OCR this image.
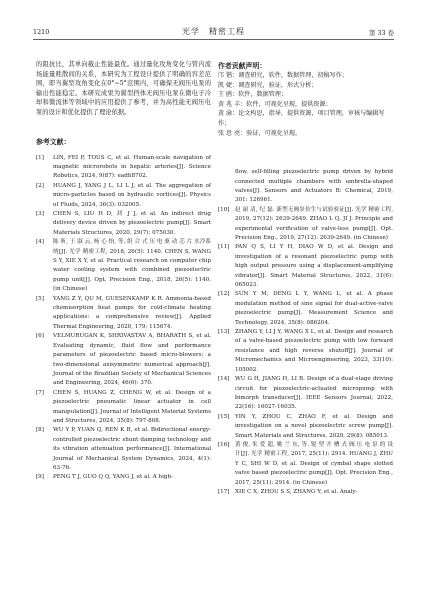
1210	光学　精密工程	第 33 卷

的阻抗比，其单向截止性能最优。通过量化攻角变化与管内流场能量耗散间的关系，本研究为工程设计提供了明确的容差范围，即当翼型攻角变化在0°~5°范围内，可确保无阀压电泵的输出性能稳定。本研究成果为翼型挡体无阀压电泵在微电子冷却和微流体等领域中的应用提供了参考，并为高性能无阀压电泵的设计和优化提供了理论依据。

参考文献：

[1]	LIN, FEI P, TOUS C, et al. Human-scale navigation of magnetic microrobots in hepatic arteries[J]. Science Robotics, 2024, 9(87): eadh8702.
[2]	HUANG J, YANG J L, LI L J, et al. The aggregation of micro-particles based on hydraulic vortices[J]. Physics of Fluids, 2024, 36(3): 032005.
[3]	CHEN S, LIU H D, 刘 J J, et al. An indirect drug delivery device driven by piezoelectric pump[J]. Smart Materials Structures, 2020, 29(7): 075030.
[4]	陈 昕, 王 淑 云, 杨 心 怡, 等. 组 合 式 压 电 驱 动 芯 片 水冷系统[J]. 光学 精密工程, 2018, 26(5): 1140. CHEN S, WANG S Y, XIE X Y, et al. Practical research on computer chip water cooling system with combined piezoelectric pump unit[J]. Opt. Precision Eng., 2018, 26(5): 1140. (in Chinese)
[5]	YANG Z Y, QU M, GUESENKAMP K R. Ammonia-based chemisorption heat pumps for cold-climate heating applications: a comprehensive review[J]. Applied Thermal Engineering, 2020, 179: 115674.
[6]	VELMURUGAN K, SHRIVASTAV A, BHARATH S, et al. Evaluating dynamic, fluid flow and performance parameters of piezoelectric based micro-blowers: a two-dimensional axisymmetric numerical approach[J]. Journal of the Brazilian Society of Mechanical Sciences and Engineering, 2024, 46(6): 370.
[7]	CHEN S, HUANG Z, CHENG W, et al. Design of a piezoelectric pneumatic linear actuator in cell manipulation[J]. Journal of Intelligent Material Systems and Structures, 2024, 35(8): 797-808.
[8]	WU Y P, YUAN Q, REN K B, et al. Bidirectional energy-controlled piezoelectric shunt damping technology and its vibration attenuation performance[J]. International Journal of Mechanical System Dynamics, 2024, 4(1): 63-76.
[9]	PENG T J, GUO Q Q, YANG J, et al. A high-

作者贡献声明：

邝 锴：调查研究，软件，数据管理，初稿写作；

凯 婕：调查研究，验证，形式分析；

王 鸥：软件，数据管理；

黄 兆 丰：软件，可视化呈现，提供资源；

黄 渝：论文构思，指导，提供资源，项目管理，审核与编辑写作；

张 思 亮：验证，可视化呈现。

flow, self-filling piezoelectric pump driven by hybrid connected multiple chambers with umbrella-shaped valves[J]. Sensors and Actuators B: Chemical, 2019, 301: 126961.

[10] 赵 丽 清, 纪 磊. 新型无阀泵仿生与试验验证[J]. 光学 精密工程, 2019, 27(12): 2639-2649. ZHAO L Q, JI J. Principle and experimental verification of valve-less pump[J]. Opt. Precision Eng., 2019, 27(12): 2639-2649. (in Chinese)
[11] PAN Q S, LI Y H, DIAO W D, et al. Design and investigation of a resonant piezoelectric pump with high output pressure using a displacement-amplifying vibrator[J]. Smart Material Structures, 2022, 31(6): 065023.
[12] SUN Y M, DENG L Y, WANG L, et al. A phase modulation method of sine signal for dual-active-valve piezoelectric pump[J]. Measurement Science and Technology, 2024, 35(8): 086204.
[13] ZHANG Y, LI J Y, WANG X L, et al. Design and research of a valve-based piezoelectric pump with low forward resistance and high reverse shutoff[J]. Journal of Micromechanics and Microengineering, 2023, 33(10): 105002.
[14] WU G H, JIANG H, LI B. Design of a dual-stage driving circuit for piezoelectric-actuated micropump with bimorph transducer[J]. IEEE Sensors Journal, 2022, 22(16): 16027-16035.
[15] YIN Y, ZHOU C, ZHAO F, et al. Design and investigation on a novel piezoelectric screw pump[J]. Smart Materials and Structures, 2020, 29(8): 085013.
[16] 黄 俊, 朱 爱 超, 姚 兰 东, 等. 锐 型 开 槽 式 阀 压 电 泵 的 设 计[J]. 光学 精密工程, 2017, 25(11): 2914. HUANG J, ZHU Y C, SHI W D, et al. Design of cymbal shape slotted valve based piezoelectric pump[J]. Opt. Precision Eng., 2017, 25(11): 2914. (in Chinese)
[17] XIE C X, ZHOU S S, ZHANG Y, et al. Analy-
